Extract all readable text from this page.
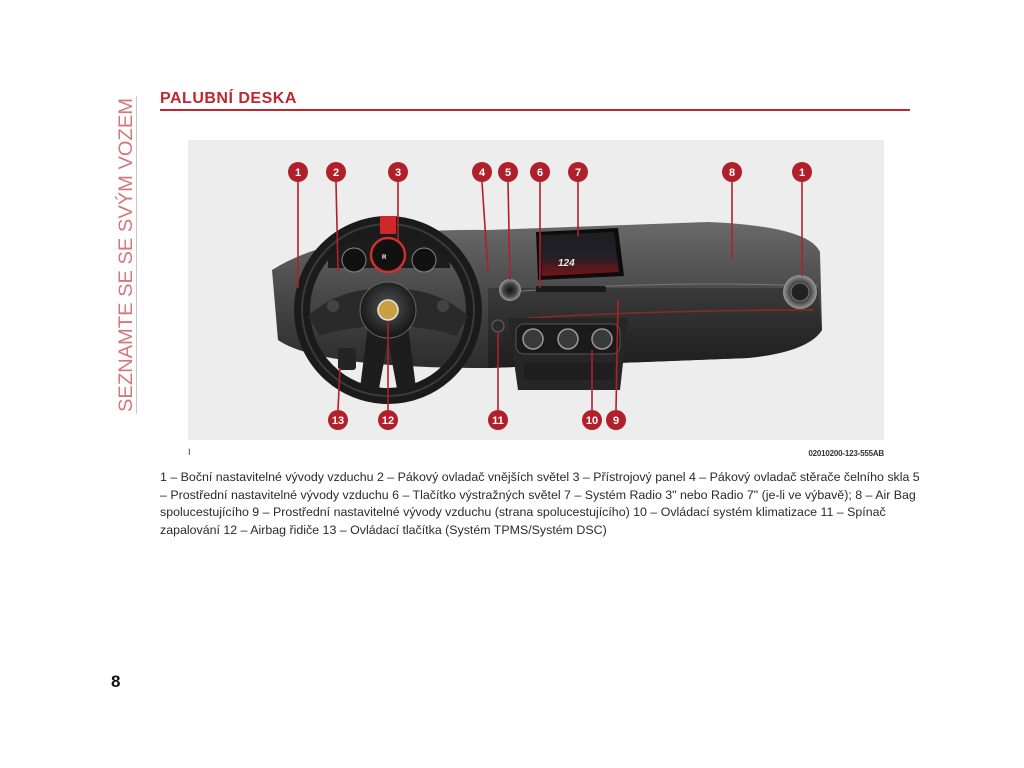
SEZNAMTE SE SE SVÝM VOZEM
PALUBNÍ DESKA
124
R
1	2	3	4 5 6	7	8	1
13	12	11	10 9
I	02010200-123-555AB
1 – Boční nastavitelné vývody vzduchu 2 – Pákový ovladač vnějších světel 3 – Přístrojový panel 4 – Pákový ovladač stěrače čelního skla 5 – Prostřední nastavitelné vývody vzduchu 6 – Tlačítko výstražných světel 7 – Systém Radio 3" nebo Radio 7" (je-li ve výbavě); 8 – Air Bag spolucestujícího 9 – Prostřední nastavitelné vývody vzduchu (strana spolucestujícího) 10 – Ovládací systém klimatizace 11 – Spínač zapalování 12 – Airbag řidiče 13 – Ovládací tlačítka (Systém TPMS/Systém DSC)
8
